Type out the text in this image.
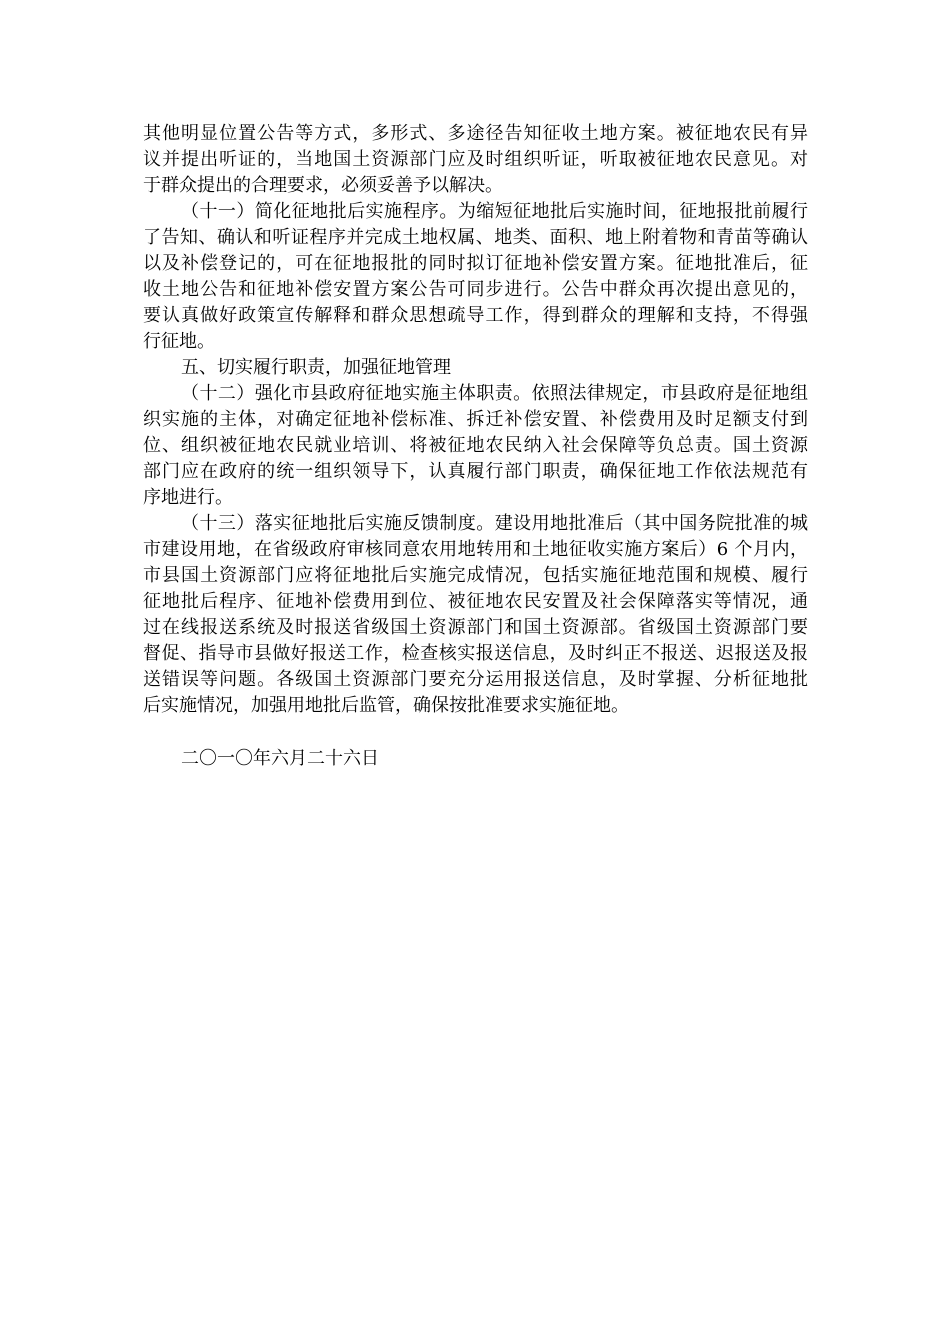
其他明显位置公告等方式，多形式、多途径告知征收土地方案。被征地农民有异
议并提出听证的，当地国土资源部门应及时组织听证，听取被征地农民意见。对
于群众提出的合理要求，必须妥善予以解决。
（十一）简化征地批后实施程序。为缩短征地批后实施时间，征地报批前履行
了告知、确认和听证程序并完成土地权属、地类、面积、地上附着物和青苗等确认
以及补偿登记的，可在征地报批的同时拟订征地补偿安置方案。征地批准后，征
收土地公告和征地补偿安置方案公告可同步进行。公告中群众再次提出意见的，
要认真做好政策宣传解释和群众思想疏导工作，得到群众的理解和支持，不得强
行征地。
五、切实履行职责，加强征地管理
（十二）强化市县政府征地实施主体职责。依照法律规定，市县政府是征地组
织实施的主体，对确定征地补偿标准、拆迁补偿安置、补偿费用及时足额支付到
位、组织被征地农民就业培训、将被征地农民纳入社会保障等负总责。国土资源
部门应在政府的统一组织领导下，认真履行部门职责，确保征地工作依法规范有
序地进行。
（十三）落实征地批后实施反馈制度。建设用地批准后（其中国务院批准的城
市建设用地，在省级政府审核同意农用地转用和土地征收实施方案后）6 个月内，
市县国土资源部门应将征地批后实施完成情况，包括实施征地范围和规模、履行
征地批后程序、征地补偿费用到位、被征地农民安置及社会保障落实等情况，通
过在线报送系统及时报送省级国土资源部门和国土资源部。省级国土资源部门要
督促、指导市县做好报送工作，检查核实报送信息，及时纠正不报送、迟报送及报
送错误等问题。各级国土资源部门要充分运用报送信息，及时掌握、分析征地批
后实施情况，加强用地批后监管，确保按批准要求实施征地。
二〇一〇年六月二十六日
